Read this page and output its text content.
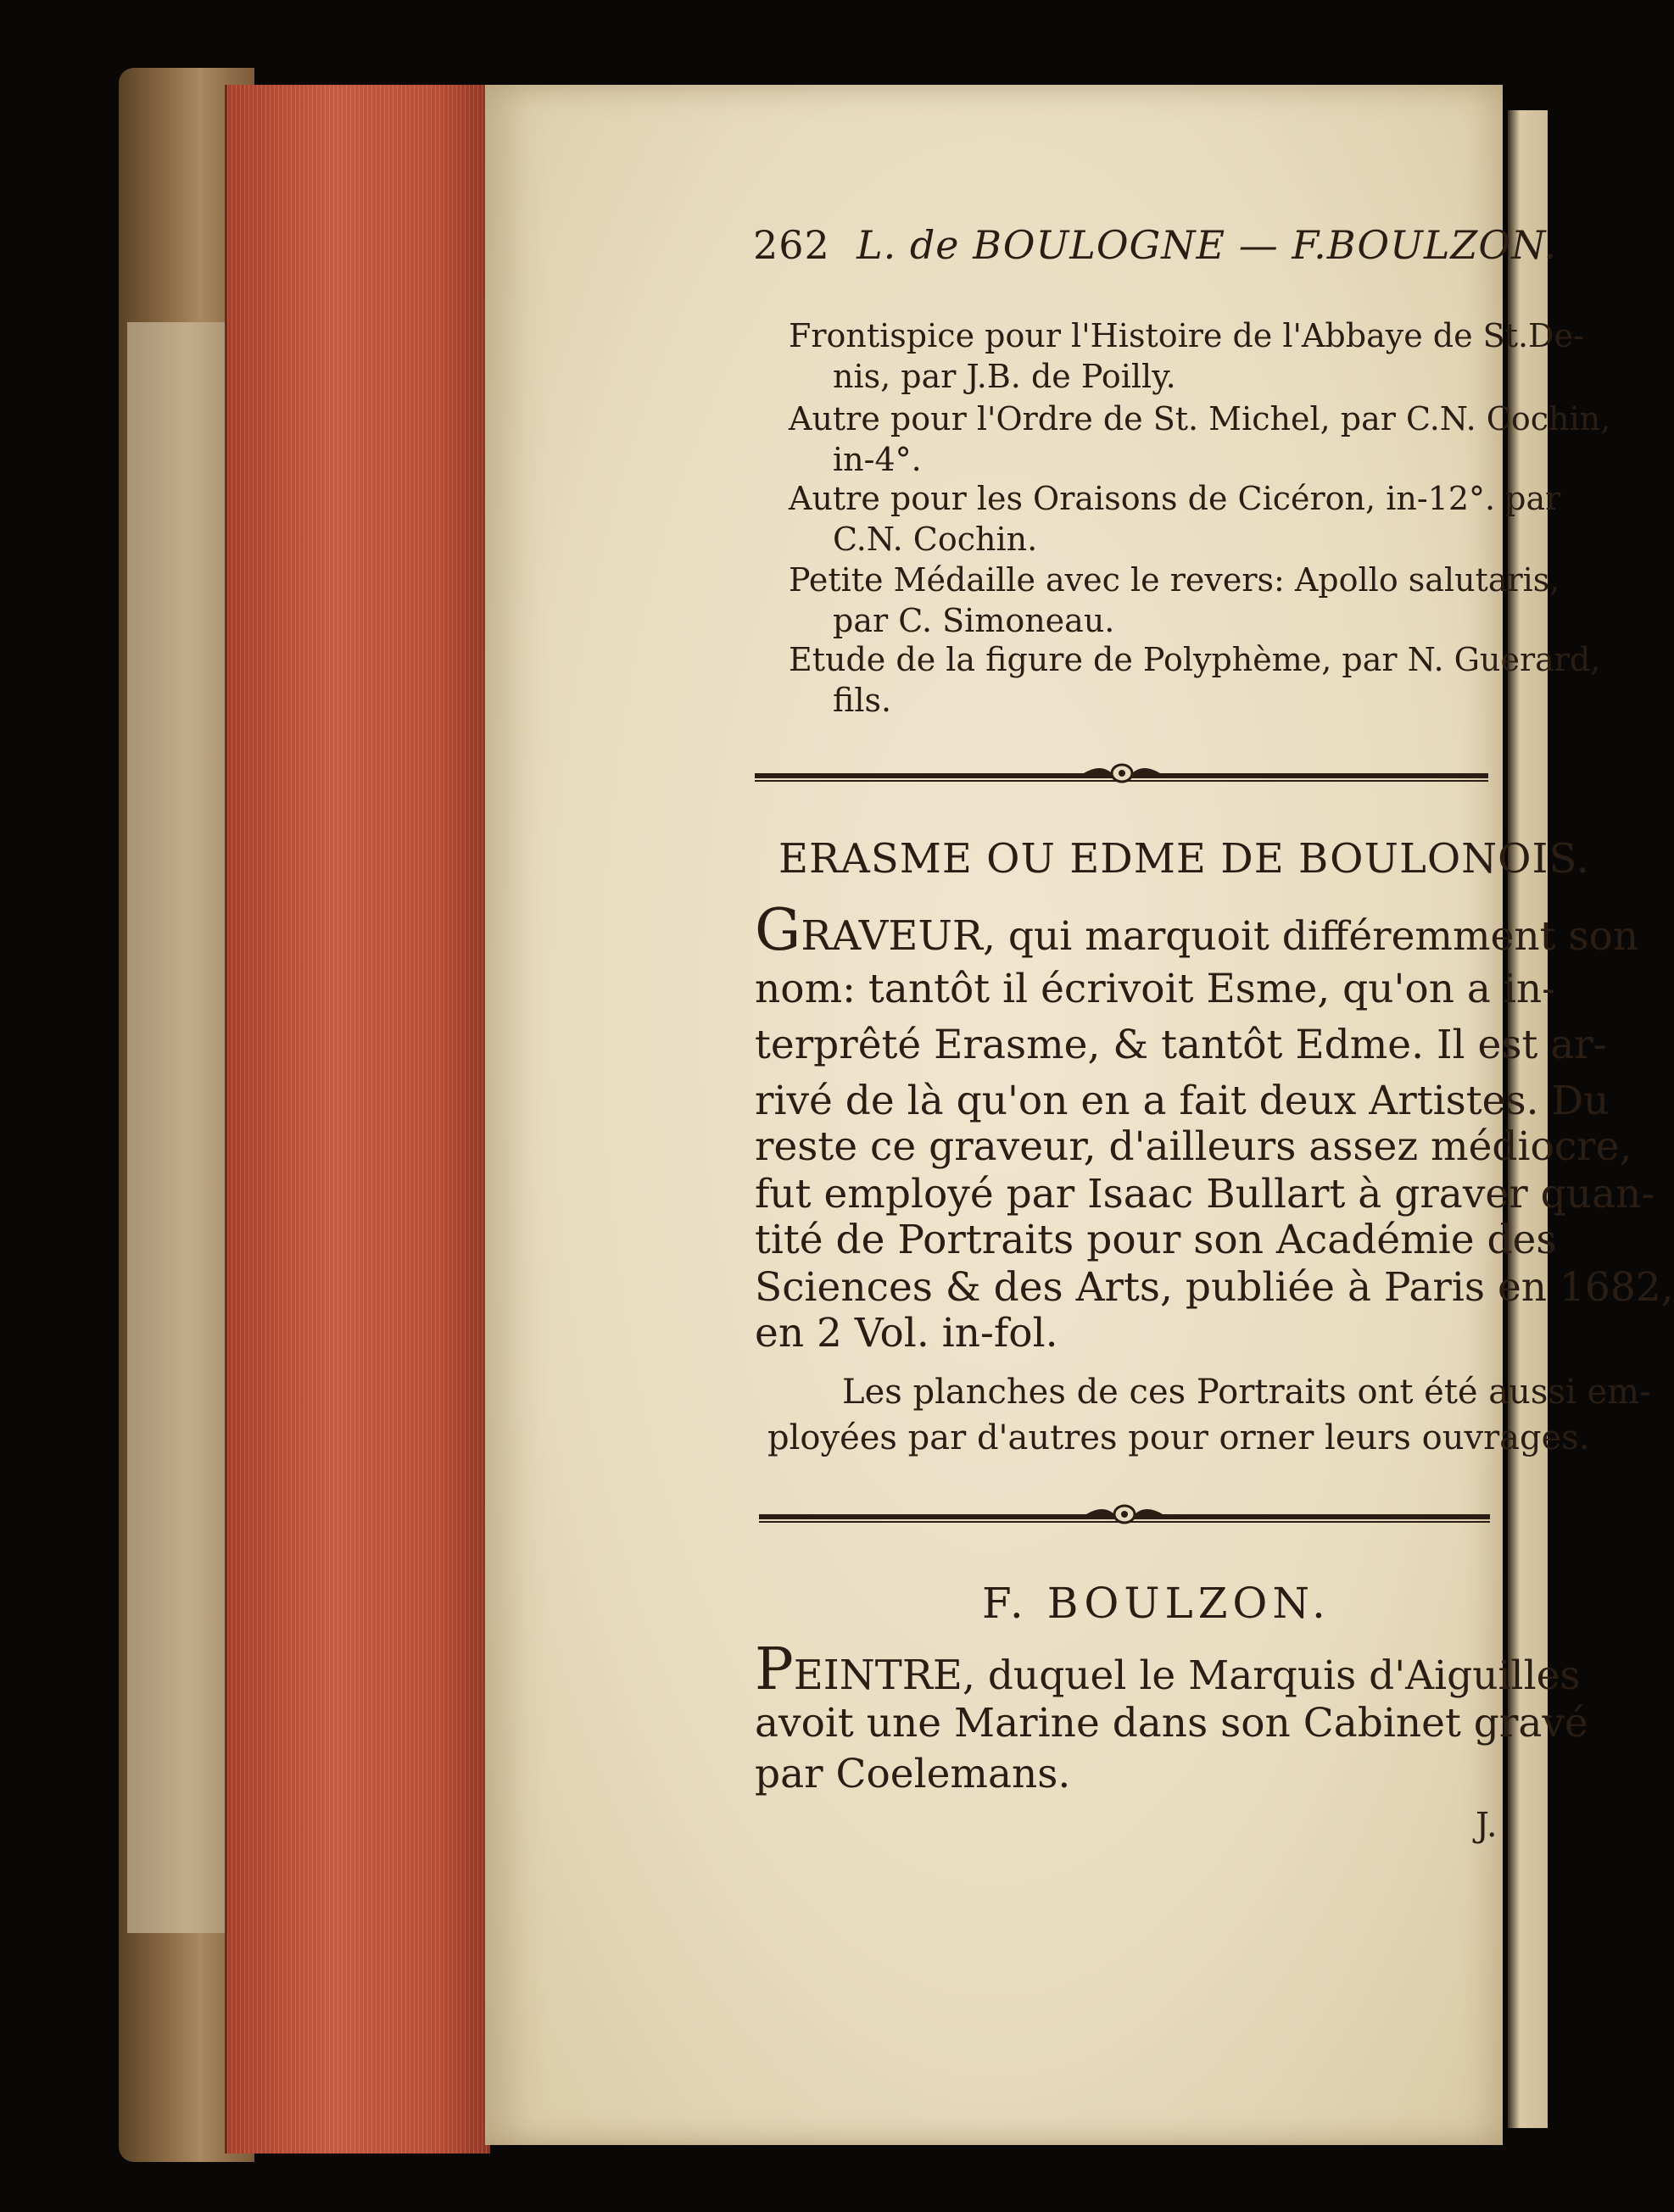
262 L. de BOULOGNE — F.BOULZON.

Frontispice pour l'Histoire de l'Abbaye de St.De-

nis, par J.B. de Poilly.

Autre pour l'Ordre de St. Michel, par C.N. Cochin,

in-4°.

Autre pour les Oraisons de Cicéron, in-12°. par

C.N. Cochin.

Petite Médaille avec le revers: Apollo salutaris,

par C. Simoneau.

Etude de la figure de Polyphème, par N. Guerard,

fils.

ERASME OU EDME DE BOULONOIS.

Graveur, qui marquoit différemment son

nom: tantôt il écrivoit Esme, qu'on a in-

terprêté Erasme, & tantôt Edme. Il est ar-

rivé de là qu'on en a fait deux Artistes. Du

reste ce graveur, d'ailleurs assez médiocre,

fut employé par Isaac Bullart à graver quan-

tité de Portraits pour son Académie des

Sciences & des Arts, publiée à Paris en 1682,

en 2 Vol. in-fol.

Les planches de ces Portraits ont été aussi em-

ployées par d'autres pour orner leurs ouvrages.

F. BOULZON.

Peintre, duquel le Marquis d'Aiguilles

avoit une Marine dans son Cabinet gravé

par Coelemans.

J.
